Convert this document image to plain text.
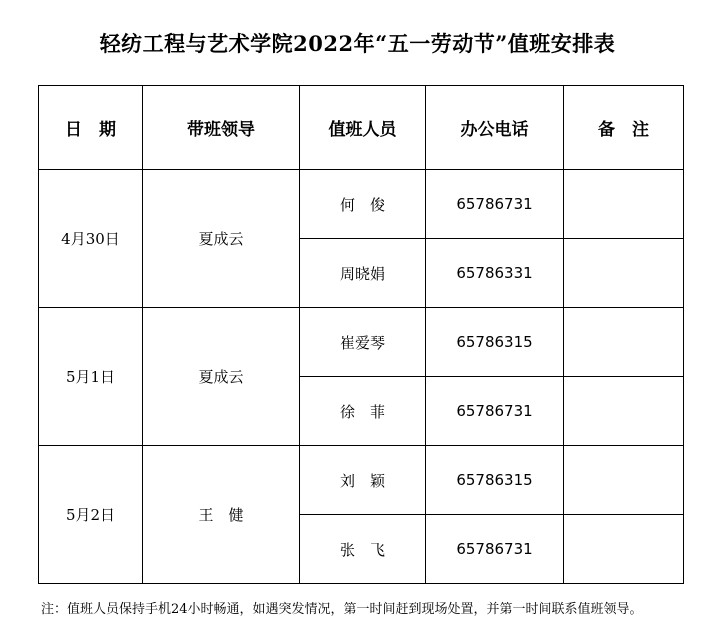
轻纺工程与艺术学院2022年“五一劳动节”值班安排表
日　期	带班领导	值班人员	办公电话	备　注
4月30日	夏成云	何　俊	65786731	
		周晓娟	65786331	
5月1日	夏成云	崔爱琴	65786315	
		徐　菲	65786731	
5月2日	王　健	刘　颖	65786315	
		张　飞	65786731	
注：值班人员保持手机24小时畅通，如遇突发情况，第一时间赶到现场处置，并第一时间联系值班领导。
